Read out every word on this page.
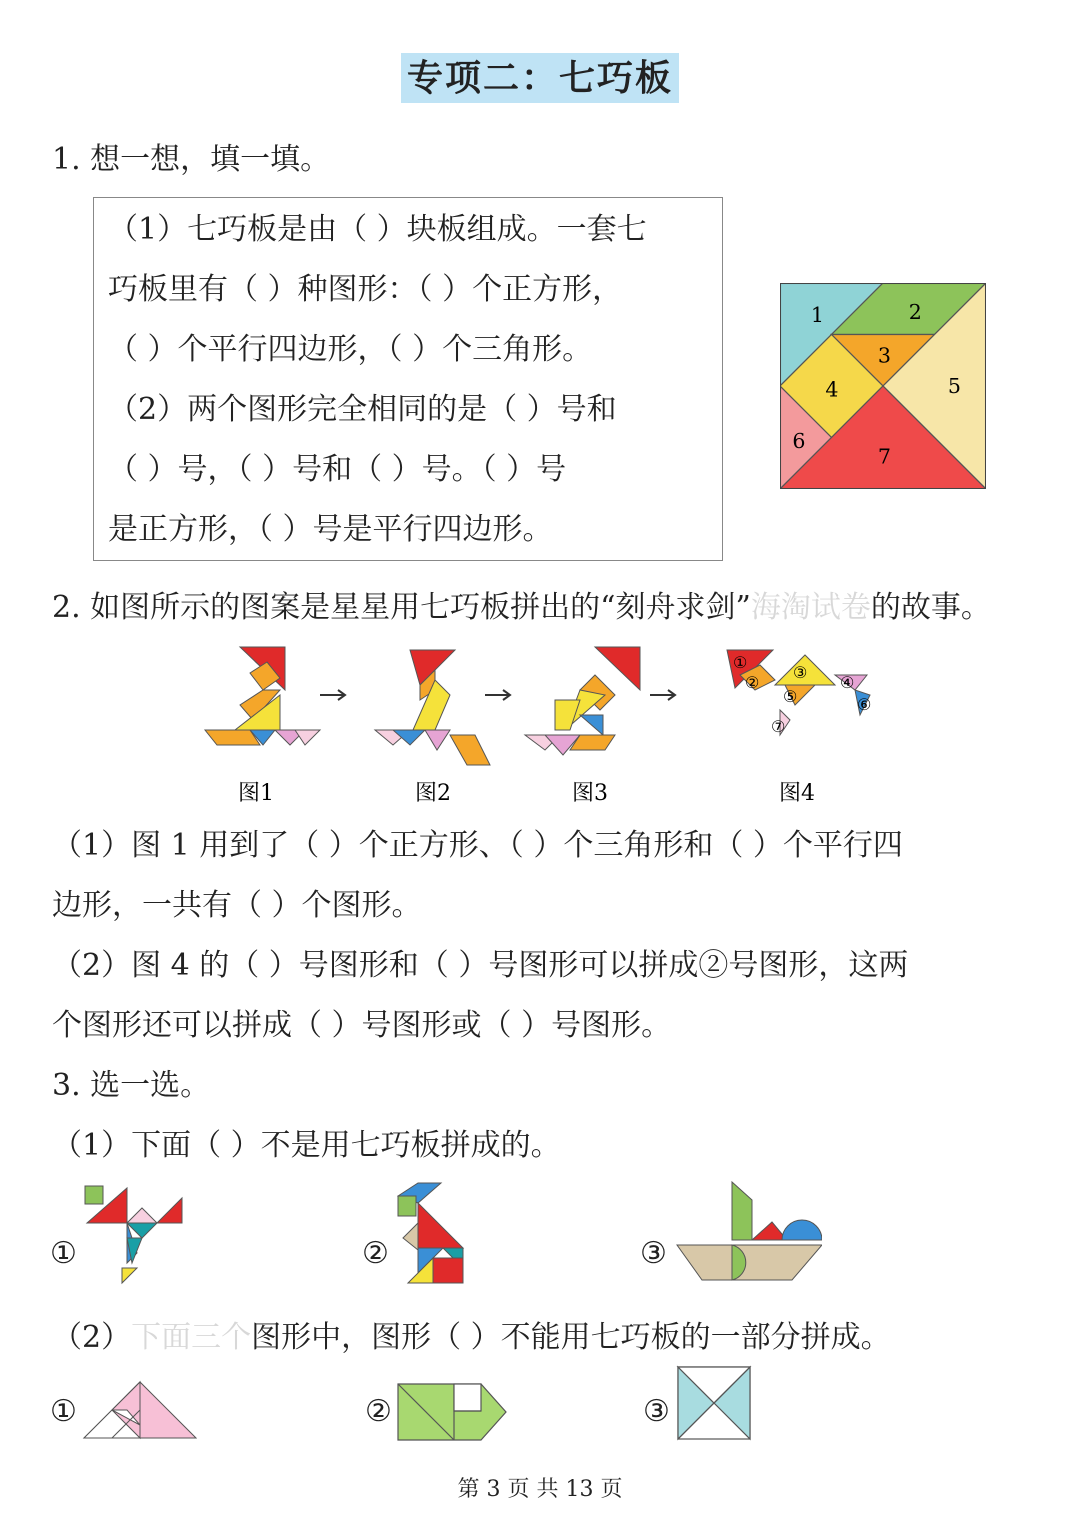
专项二：七巧板
1. 想一想，填一填。
（1）七巧板是由（ ）块板组成。一套七
巧板里有（ ）种图形：（ ）个正方形，
（ ）个平行四边形，（ ）个三角形。
（2）两个图形完全相同的是（ ）号和
（ ）号，（ ）号和（ ）号。（ ）号
是正方形，（ ）号是平行四边形。
1	2
3
4	5
6
7
2. 如图所示的图案是星星用七巧板拼出的“刻舟求剑”海淘试卷的故事。
①
②
③
④
⑤	⑥
⑦
图1	图2	图3	图4
（1）图 1 用到了（ ）个正方形、（ ）个三角形和（ ）个平行四
边形，一共有（ ）个图形。
（2）图 4 的（ ）号图形和（ ）号图形可以拼成②号图形，这两
个图形还可以拼成（ ）号图形或（ ）号图形。
3. 选一选。
（1）下面（ ）不是用七巧板拼成的。
①	②	③
（2）下面三个图形中，图形（ ）不能用七巧板的一部分拼成。
①	②	③
第 3 页 共 13 页
